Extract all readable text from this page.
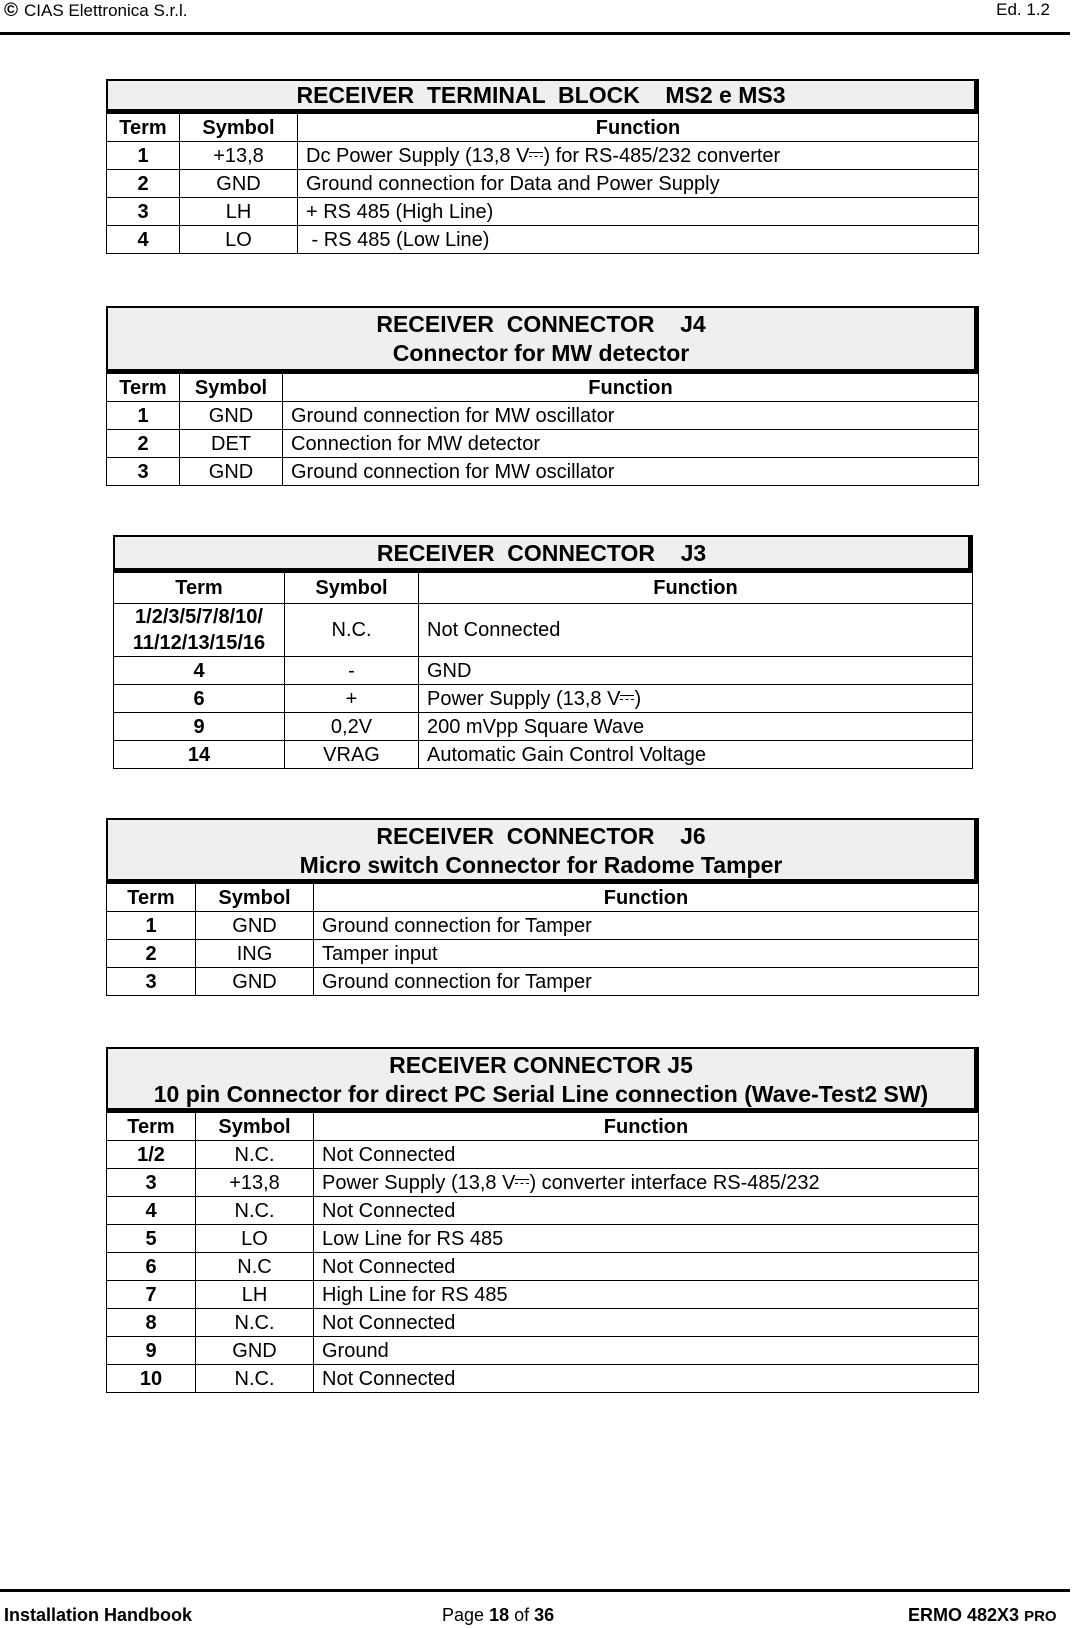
© CIAS Elettronica S.r.l.	Ed. 1.2
RECEIVER  TERMINAL  BLOCK    MS2 e MS3
Term	Symbol	Function
1	+13,8	Dc Power Supply (13,8 V ) for RS-485/232 converter
2	GND	Ground connection for Data and Power Supply
3	LH	+ RS 485 (High Line)
4	LO	- RS 485 (Low Line)
RECEIVER  CONNECTOR    J4
Connector for MW detector
Term	Symbol	Function
1	GND	Ground connection for MW oscillator
2	DET	Connection for MW detector
3	GND	Ground connection for MW oscillator
RECEIVER  CONNECTOR    J3
Term	Symbol	Function

1/2/3/5/7/8/10/
11/12/13/15/16	N.C.	Not Connected
4	-	GND
6	+	Power Supply (13,8 V )
9	0,2V	200 mVpp Square Wave
14	VRAG	Automatic Gain Control Voltage
RECEIVER  CONNECTOR    J6
Micro switch Connector for Radome Tamper
Term	Symbol	Function
1	GND	Ground connection for Tamper
2	ING	Tamper input
3	GND	Ground connection for Tamper
RECEIVER CONNECTOR J5
10 pin Connector for direct PC Serial Line connection (Wave-Test2 SW)
Term	Symbol	Function
1/2	N.C.	Not Connected
3	+13,8	Power Supply (13,8 V ) converter interface RS-485/232
4	N.C.	Not Connected
5	LO	Low Line for RS 485
6	N.C	Not Connected
7	LH	High Line for RS 485
8	N.C.	Not Connected
9	GND	Ground
10	N.C.	Not Connected
Installation Handbook	Page 18 of 36	ERMO 482X3 PRO
